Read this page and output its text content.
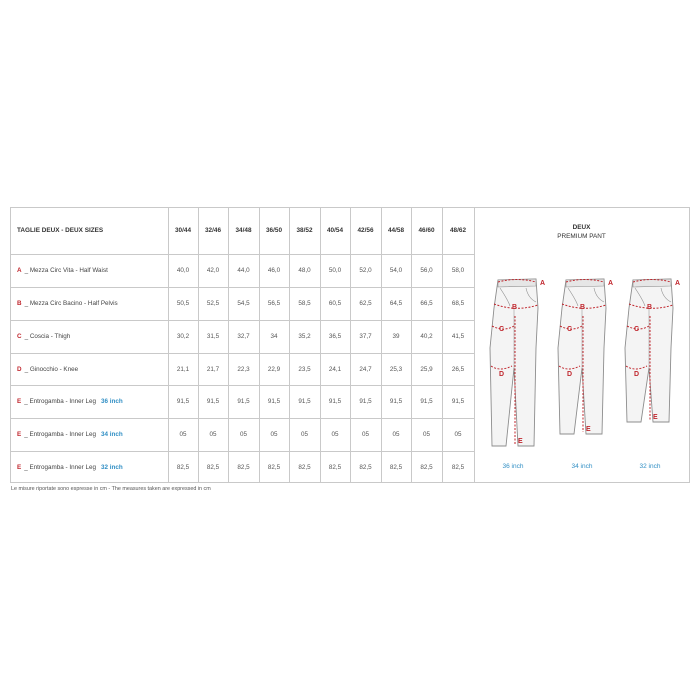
TAGLIE DEUX - DEUX SIZES	30/44	32/46	34/48	36/50	38/52	40/54	42/56	44/58	46/60	48/62
A _ Mezza Circ Vita - Half Waist	40,0	42,0	44,0	46,0	48,0	50,0	52,0	54,0	56,0	58,0
B _ Mezza Circ Bacino - Half Pelvis	50,5	52,5	54,5	56,5	58,5	60,5	62,5	64,5	66,5	68,5
C _ Coscia - Thigh	30,2	31,5	32,7	34	35,2	36,5	37,7	39	40,2	41,5
D _ Ginocchio - Knee	21,1	21,7	22,3	22,9	23,5	24,1	24,7	25,3	25,9	26,5
E _ Entrogamba - Inner Leg 36 inch	91,5	91,5	91,5	91,5	91,5	91,5	91,5	91,5	91,5	91,5
E _ Entrogamba - Inner Leg 34 inch	05	05	05	05	05	05	05	05	05	05
E _ Entrogamba - Inner Leg 32 inch	82,5	82,5	82,5	82,5	82,5	82,5	82,5	82,5	82,5	82,5
DEUX
PREMIUM PANT
A
B
C
D
E
A
B
C
D
E
A
B
C
D
E
36 inch	34 inch	32 inch
Le misure riportate sono espresse in cm - The measures taken are expressed in cm
